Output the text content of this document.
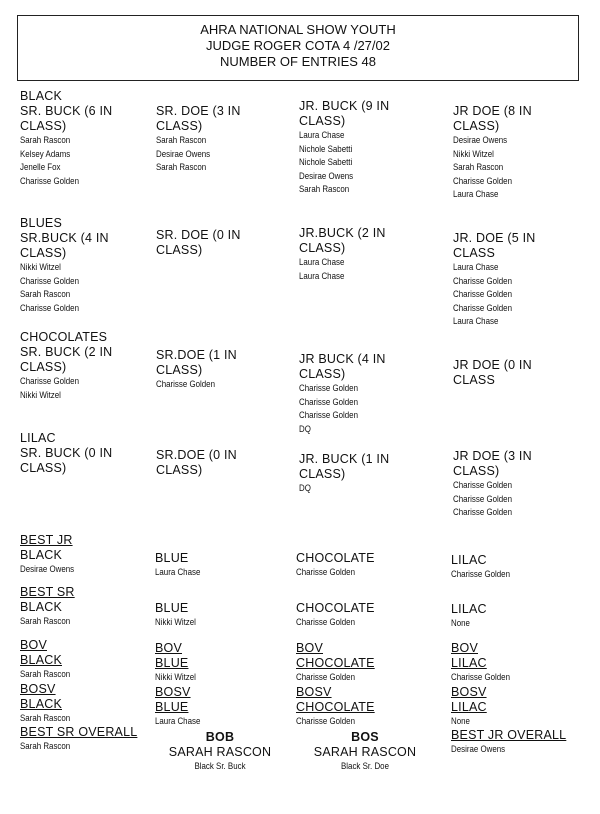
AHRA NATIONAL SHOW YOUTH
JUDGE ROGER COTA 4 /27/02
NUMBER OF ENTRIES 48
BLACK
SR. BUCK (6 IN CLASS)
Sarah Rascon
Kelsey Adams
Jenelle Fox
Charisse Golden
SR. DOE (3 IN CLASS)
Sarah Rascon
Desirae Owens
Sarah Rascon
JR. BUCK (9 IN CLASS)
Laura Chase
Nichole Sabetti
Nichole Sabetti
Desirae Owens
Sarah Rascon
JR DOE (8 IN CLASS)
Desirae Owens
Nikki Witzel
Sarah Rascon
Charisse Golden
Laura Chase
BLUES
SR.BUCK (4 IN CLASS)
Nikki Witzel
Charisse Golden
Sarah Rascon
Charisse Golden
SR. DOE (0 IN CLASS)
JR.BUCK (2 IN CLASS)
Laura Chase
Laura Chase
JR. DOE (5 IN CLASS
Laura Chase
Charisse Golden
Charisse Golden
Charisse Golden
Laura Chase
CHOCOLATES
SR. BUCK (2 IN CLASS)
Charisse Golden
Nikki Witzel
SR.DOE (1 IN CLASS)
Charisse Golden
JR BUCK (4 IN CLASS)
Charisse Golden
Charisse Golden
Charisse Golden
DQ
JR DOE (0 IN CLASS
LILAC
SR. BUCK (0 IN CLASS)
SR.DOE (0 IN CLASS)
JR. BUCK (1 IN CLASS)
DQ
JR DOE (3 IN CLASS)
Charisse Golden
Charisse Golden
Charisse Golden
BEST JR
BLACK
Desirae Owens
BLUE
Laura Chase
CHOCOLATE
Charisse Golden
LILAC
Charisse Golden
BEST SR
BLACK
Sarah Rascon
BLUE
Nikki Witzel
CHOCOLATE
Charisse Golden
LILAC
None
BOV
BLACK
Sarah Rascon
BOSV
BLACK
Sarah Rascon
BEST SR OVERALL
Sarah Rascon
BOV
BLUE
Nikki Witzel
BOSV
BLUE
Laura Chase
BOV
CHOCOLATE
Charisse Golden
BOSV
CHOCOLATE
Charisse Golden
BOV
LILAC
Charisse Golden
BOSV
LILAC
None
BEST JR OVERALL
Desirae Owens
BOB
SARAH RASCON
Black Sr. Buck
BOS
SARAH RASCON
Black Sr. Doe
